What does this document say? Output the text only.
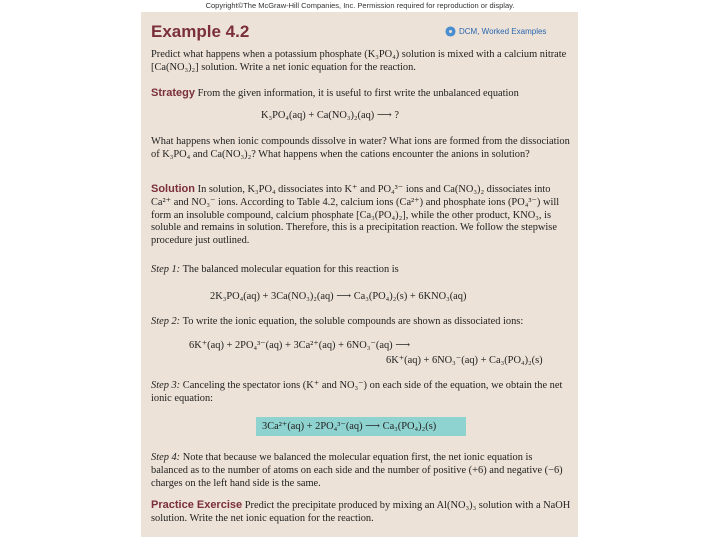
Copyright©The McGraw-Hill Companies, Inc. Permission required for reproduction or display.
Example 4.2	DCM, Worked Examples

Predict what happens when a potassium phosphate (K₃PO₄) solution is mixed with a calcium nitrate [Ca(NO₃)₂] solution. Write a net ionic equation for the reaction.

Strategy From the given information, it is useful to first write the unbalanced equation

K₃PO₄(aq) + Ca(NO₃)₂(aq) ⟶ ?

What happens when ionic compounds dissolve in water? What ions are formed from the dissociation of K₃PO₄ and Ca(NO₃)₂? What happens when the cations encounter the anions in solution?

Solution In solution, K₃PO₄ dissociates into K⁺ and PO₄³⁻ ions and Ca(NO₃)₂ dissociates into Ca²⁺ and NO₃⁻ ions. According to Table 4.2, calcium ions (Ca²⁺) and phosphate ions (PO₄³⁻) will form an insoluble compound, calcium phosphate [Ca₃(PO₄)₂], while the other product, KNO₃, is soluble and remains in solution. Therefore, this is a precipitation reaction. We follow the stepwise procedure just outlined.

Step 1: The balanced molecular equation for this reaction is

2K₃PO₄(aq) + 3Ca(NO₃)₂(aq) ⟶ Ca₃(PO₄)₂(s) + 6KNO₃(aq)

Step 2: To write the ionic equation, the soluble compounds are shown as dissociated ions:

6K⁺(aq) + 2PO₄³⁻(aq) + 3Ca²⁺(aq) + 6NO₃⁻(aq) ⟶
6K⁺(aq) + 6NO₃⁻(aq) + Ca₃(PO₄)₂(s)

Step 3: Canceling the spectator ions (K⁺ and NO₃⁻) on each side of the equation, we obtain the net ionic equation:

3Ca²⁺(aq) + 2PO₄³⁻(aq) ⟶ Ca₃(PO₄)₂(s)

Step 4: Note that because we balanced the molecular equation first, the net ionic equation is balanced as to the number of atoms on each side and the number of positive (+6) and negative (−6) charges on the left hand side is the same.

Practice Exercise Predict the precipitate produced by mixing an Al(NO₃)₃ solution with a NaOH solution. Write the net ionic equation for the reaction.
